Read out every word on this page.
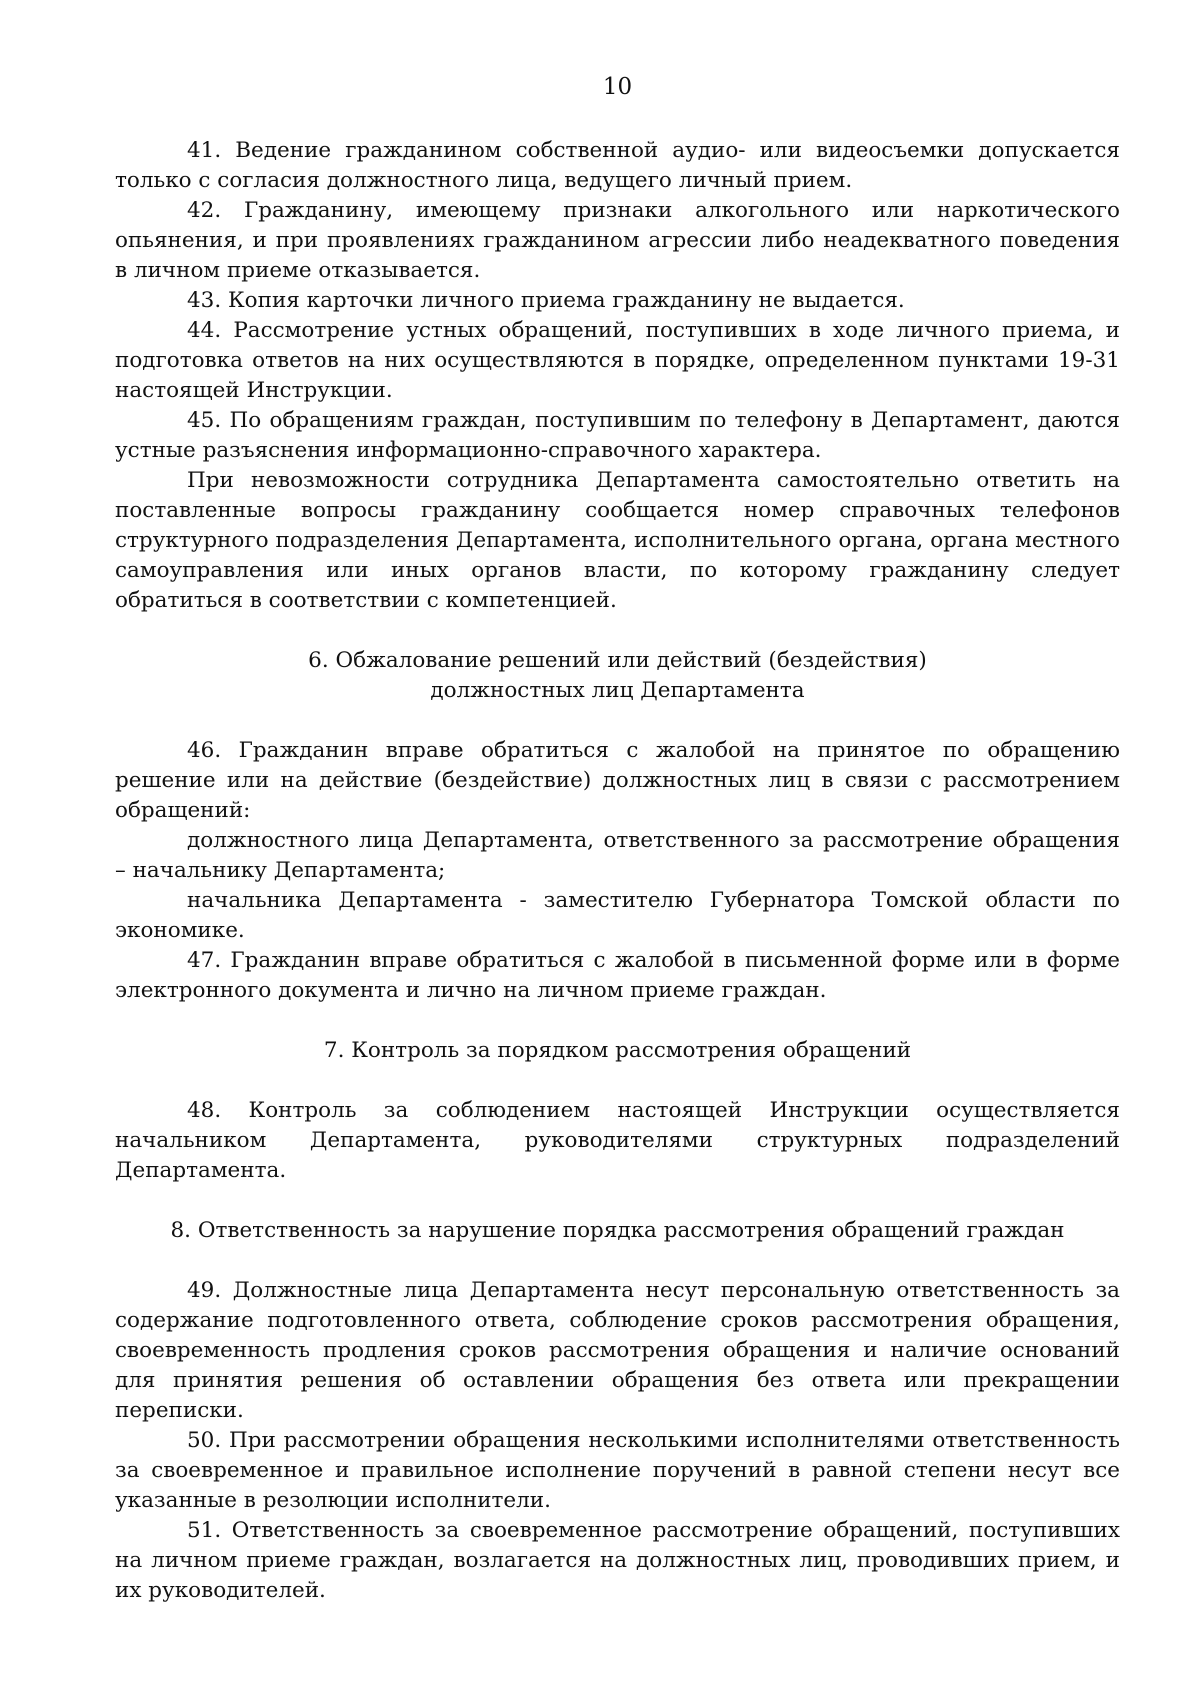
10

41. Ведение гражданином собственной аудио- или видеосъемки допускается только с согласия должностного лица, ведущего личный прием.

42. Гражданину, имеющему признаки алкогольного или наркотического опьянения, и при проявлениях гражданином агрессии либо неадекватного поведения в личном приеме отказывается.

43. Копия карточки личного приема гражданину не выдается.

44. Рассмотрение устных обращений, поступивших в ходе личного приема, и подготовка ответов на них осуществляются в порядке, определенном пунктами 19-31 настоящей Инструкции.

45. По обращениям граждан, поступившим по телефону в Департамент, даются устные разъяснения информационно-справочного характера.

При невозможности сотрудника Департамента самостоятельно ответить на поставленные вопросы гражданину сообщается номер справочных телефонов структурного подразделения Департамента, исполнительного органа, органа местного самоуправления или иных органов власти, по которому гражданину следует обратиться в соответствии с компетенцией.

6. Обжалование решений или действий (бездействия)
должностных лиц Департамента

46. Гражданин вправе обратиться с жалобой на принятое по обращению решение или на действие (бездействие) должностных лиц в связи с рассмотрением обращений:

должностного лица Департамента, ответственного за рассмотрение обращения – начальнику Департамента;

начальника Департамента - заместителю Губернатора Томской области по экономике.

47. Гражданин вправе обратиться с жалобой в письменной форме или в форме электронного документа и лично на личном приеме граждан.

7. Контроль за порядком рассмотрения обращений

48. Контроль за соблюдением настоящей Инструкции осуществляется начальником Департамента, руководителями структурных подразделений Департамента.

8. Ответственность за нарушение порядка рассмотрения обращений граждан

49. Должностные лица Департамента несут персональную ответственность за содержание подготовленного ответа, соблюдение сроков рассмотрения обращения, своевременность продления сроков рассмотрения обращения и наличие оснований для принятия решения об оставлении обращения без ответа или прекращении переписки.

50. При рассмотрении обращения несколькими исполнителями ответственность за своевременное и правильное исполнение поручений в равной степени несут все указанные в резолюции исполнители.

51. Ответственность за своевременное рассмотрение обращений, поступивших на личном приеме граждан, возлагается на должностных лиц, проводивших прием, и их руководителей.
